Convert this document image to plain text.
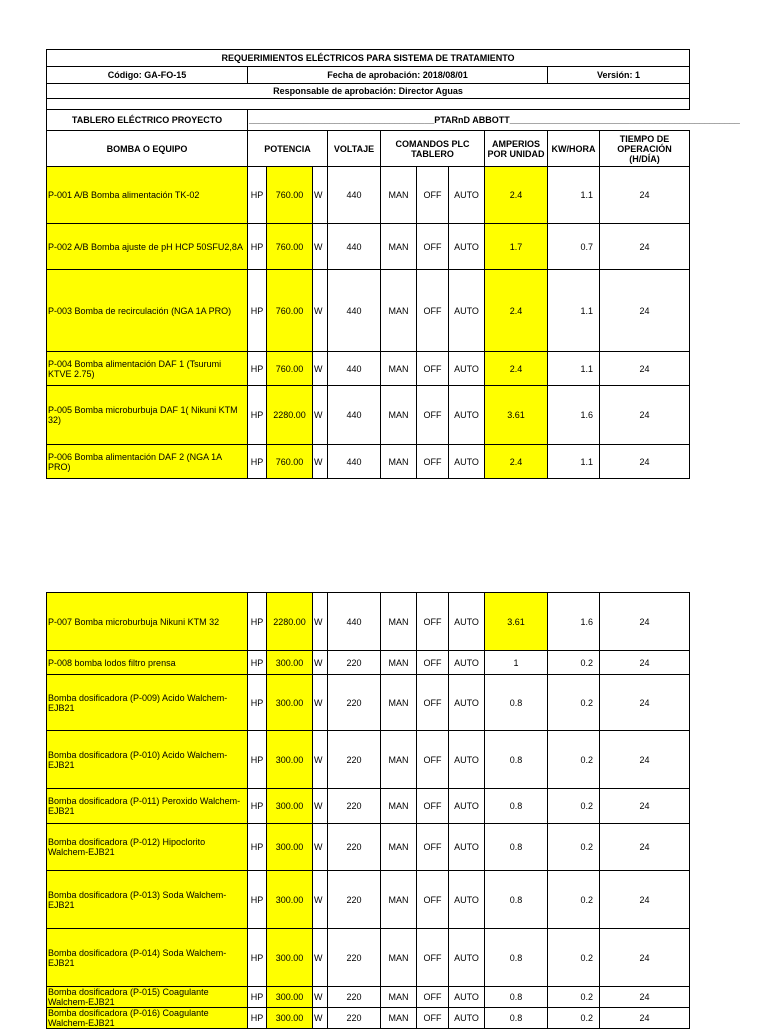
REQUERIMIENTOS ELÉCTRICOS PARA SISTEMA DE TRATAMIENTO										
Código: GA-FO-15	Fecha de aprobación: 2018/08/01								Versión: 1	
Responsable de aprobación: Director Aguas										

TABLERO ELÉCTRICO PROYECTO	_____________________________________PTARnD ABBOTT______________________________________________									
BOMBA O EQUIPO	POTENCIA			VOLTAJE	COMANDOS PLC TABLERO			AMPERIOS POR UNIDAD	KW/HORA	TIEMPO DE OPERACIÓN (H/DÍA)
P-001 A/B Bomba alimentación TK-02	HP	760.00	W	440	MAN	OFF	AUTO	2.4	1.1	24
P-002 A/B Bomba ajuste de pH HCP 50SFU2,8A	HP	760.00	W	440	MAN	OFF	AUTO	1.7	0.7	24
P-003 Bomba de recirculación (NGA 1A PRO)	HP	760.00	W	440	MAN	OFF	AUTO	2.4	1.1	24
P-004 Bomba alimentación DAF 1 (Tsurumi KTVE 2.75)	HP	760.00	W	440	MAN	OFF	AUTO	2.4	1.1	24
P-005 Bomba microburbuja DAF 1( Nikuni KTM 32)	HP	2280.00	W	440	MAN	OFF	AUTO	3.61	1.6	24
P-006 Bomba alimentación DAF 2 (NGA 1A PRO)	HP	760.00	W	440	MAN	OFF	AUTO	2.4	1.1	24
P-007 Bomba microburbuja Nikuni KTM 32	HP	2280.00	W	440	MAN	OFF	AUTO	3.61	1.6	24
P-008 bomba lodos filtro prensa	HP	300.00	W	220	MAN	OFF	AUTO	1	0.2	24
Bomba dosificadora (P-009) Acido Walchem-EJB21	HP	300.00	W	220	MAN	OFF	AUTO	0.8	0.2	24
Bomba dosificadora (P-010) Acido Walchem-EJB21	HP	300.00	W	220	MAN	OFF	AUTO	0.8	0.2	24
Bomba dosificadora (P-011) Peroxido Walchem-EJB21	HP	300.00	W	220	MAN	OFF	AUTO	0.8	0.2	24
Bomba dosificadora (P-012) Hipoclorito Walchem-EJB21	HP	300.00	W	220	MAN	OFF	AUTO	0.8	0.2	24
Bomba dosificadora (P-013) Soda Walchem-EJB21	HP	300.00	W	220	MAN	OFF	AUTO	0.8	0.2	24
Bomba dosificadora (P-014) Soda Walchem-EJB21	HP	300.00	W	220	MAN	OFF	AUTO	0.8	0.2	24
Bomba dosificadora (P-015) Coagulante Walchem-EJB21	HP	300.00	W	220	MAN	OFF	AUTO	0.8	0.2	24
Bomba dosificadora (P-016) Coagulante Walchem-EJB21	HP	300.00	W	220	MAN	OFF	AUTO	0.8	0.2	24
